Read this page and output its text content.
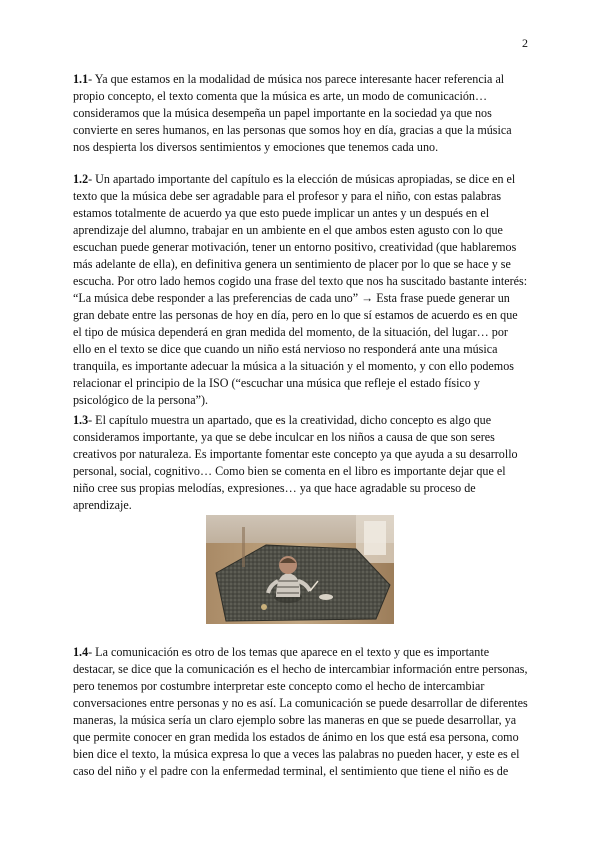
2

1.1- Ya que estamos en la modalidad de música nos parece interesante hacer referencia al propio concepto, el texto comenta que la música es arte, un modo de comunicación… consideramos que la música desempeña un papel importante en la sociedad ya que nos convierte en seres humanos, en las personas que somos hoy en día, gracias a que la música nos despierta los diversos sentimientos y emociones que tenemos cada uno.

1.2- Un apartado importante del capítulo es la elección de músicas apropiadas, se dice en el texto que la música debe ser agradable para el profesor y para el niño, con estas palabras estamos totalmente de acuerdo ya que esto puede implicar un antes y un después en el aprendizaje del alumno, trabajar en un ambiente en el que ambos esten agusto con lo que escuchan puede generar motivación, tener un entorno positivo, creatividad (que hablaremos más adelante de ella), en definitiva genera un sentimiento de placer por lo que se hace y se escucha. Por otro lado hemos cogido una frase del texto que nos ha suscitado bastante interés: “La música debe responder a las preferencias de cada uno” → Esta frase puede generar un gran debate entre las personas de hoy en día, pero en lo que sí estamos de acuerdo es en que el tipo de música dependerá en gran medida del momento, de la situación, del lugar… por ello en el texto se dice que cuando un niño está nervioso no responderá ante una música tranquila, es importante adecuar la música a la situación y el momento, y con ello podemos relacionar el principio de la ISO (“escuchar una música que refleje el estado físico y psicológico de la persona”).

1.3- El capítulo muestra un apartado, que es la creatividad, dicho concepto es algo que consideramos importante, ya que se debe inculcar en los niños a causa de que son seres creativos por naturaleza. Es importante fomentar este concepto ya que ayuda a su desarrollo personal, social, cognitivo… Como bien se comenta en el libro es importante dejar que el niño cree sus propias melodías, expresiones… ya que hace agradable su proceso de aprendizaje.

1.4- La comunicación es otro de los temas que aparece en el texto y que es importante destacar, se dice que la comunicación es el hecho de intercambiar información entre personas, pero tenemos por costumbre interpretar este concepto como el hecho de intercambiar conversaciones entre personas y no es así. La comunicación se puede desarrollar de diferentes maneras, la música sería un claro ejemplo sobre las maneras en que se puede desarrollar, ya que permite conocer en gran medida los estados de ánimo en los que está esa persona, como bien dice el texto, la música expresa lo que a veces las palabras no pueden hacer, y este es el caso del niño y el padre con la enfermedad terminal, el sentimiento que tiene el niño es de
